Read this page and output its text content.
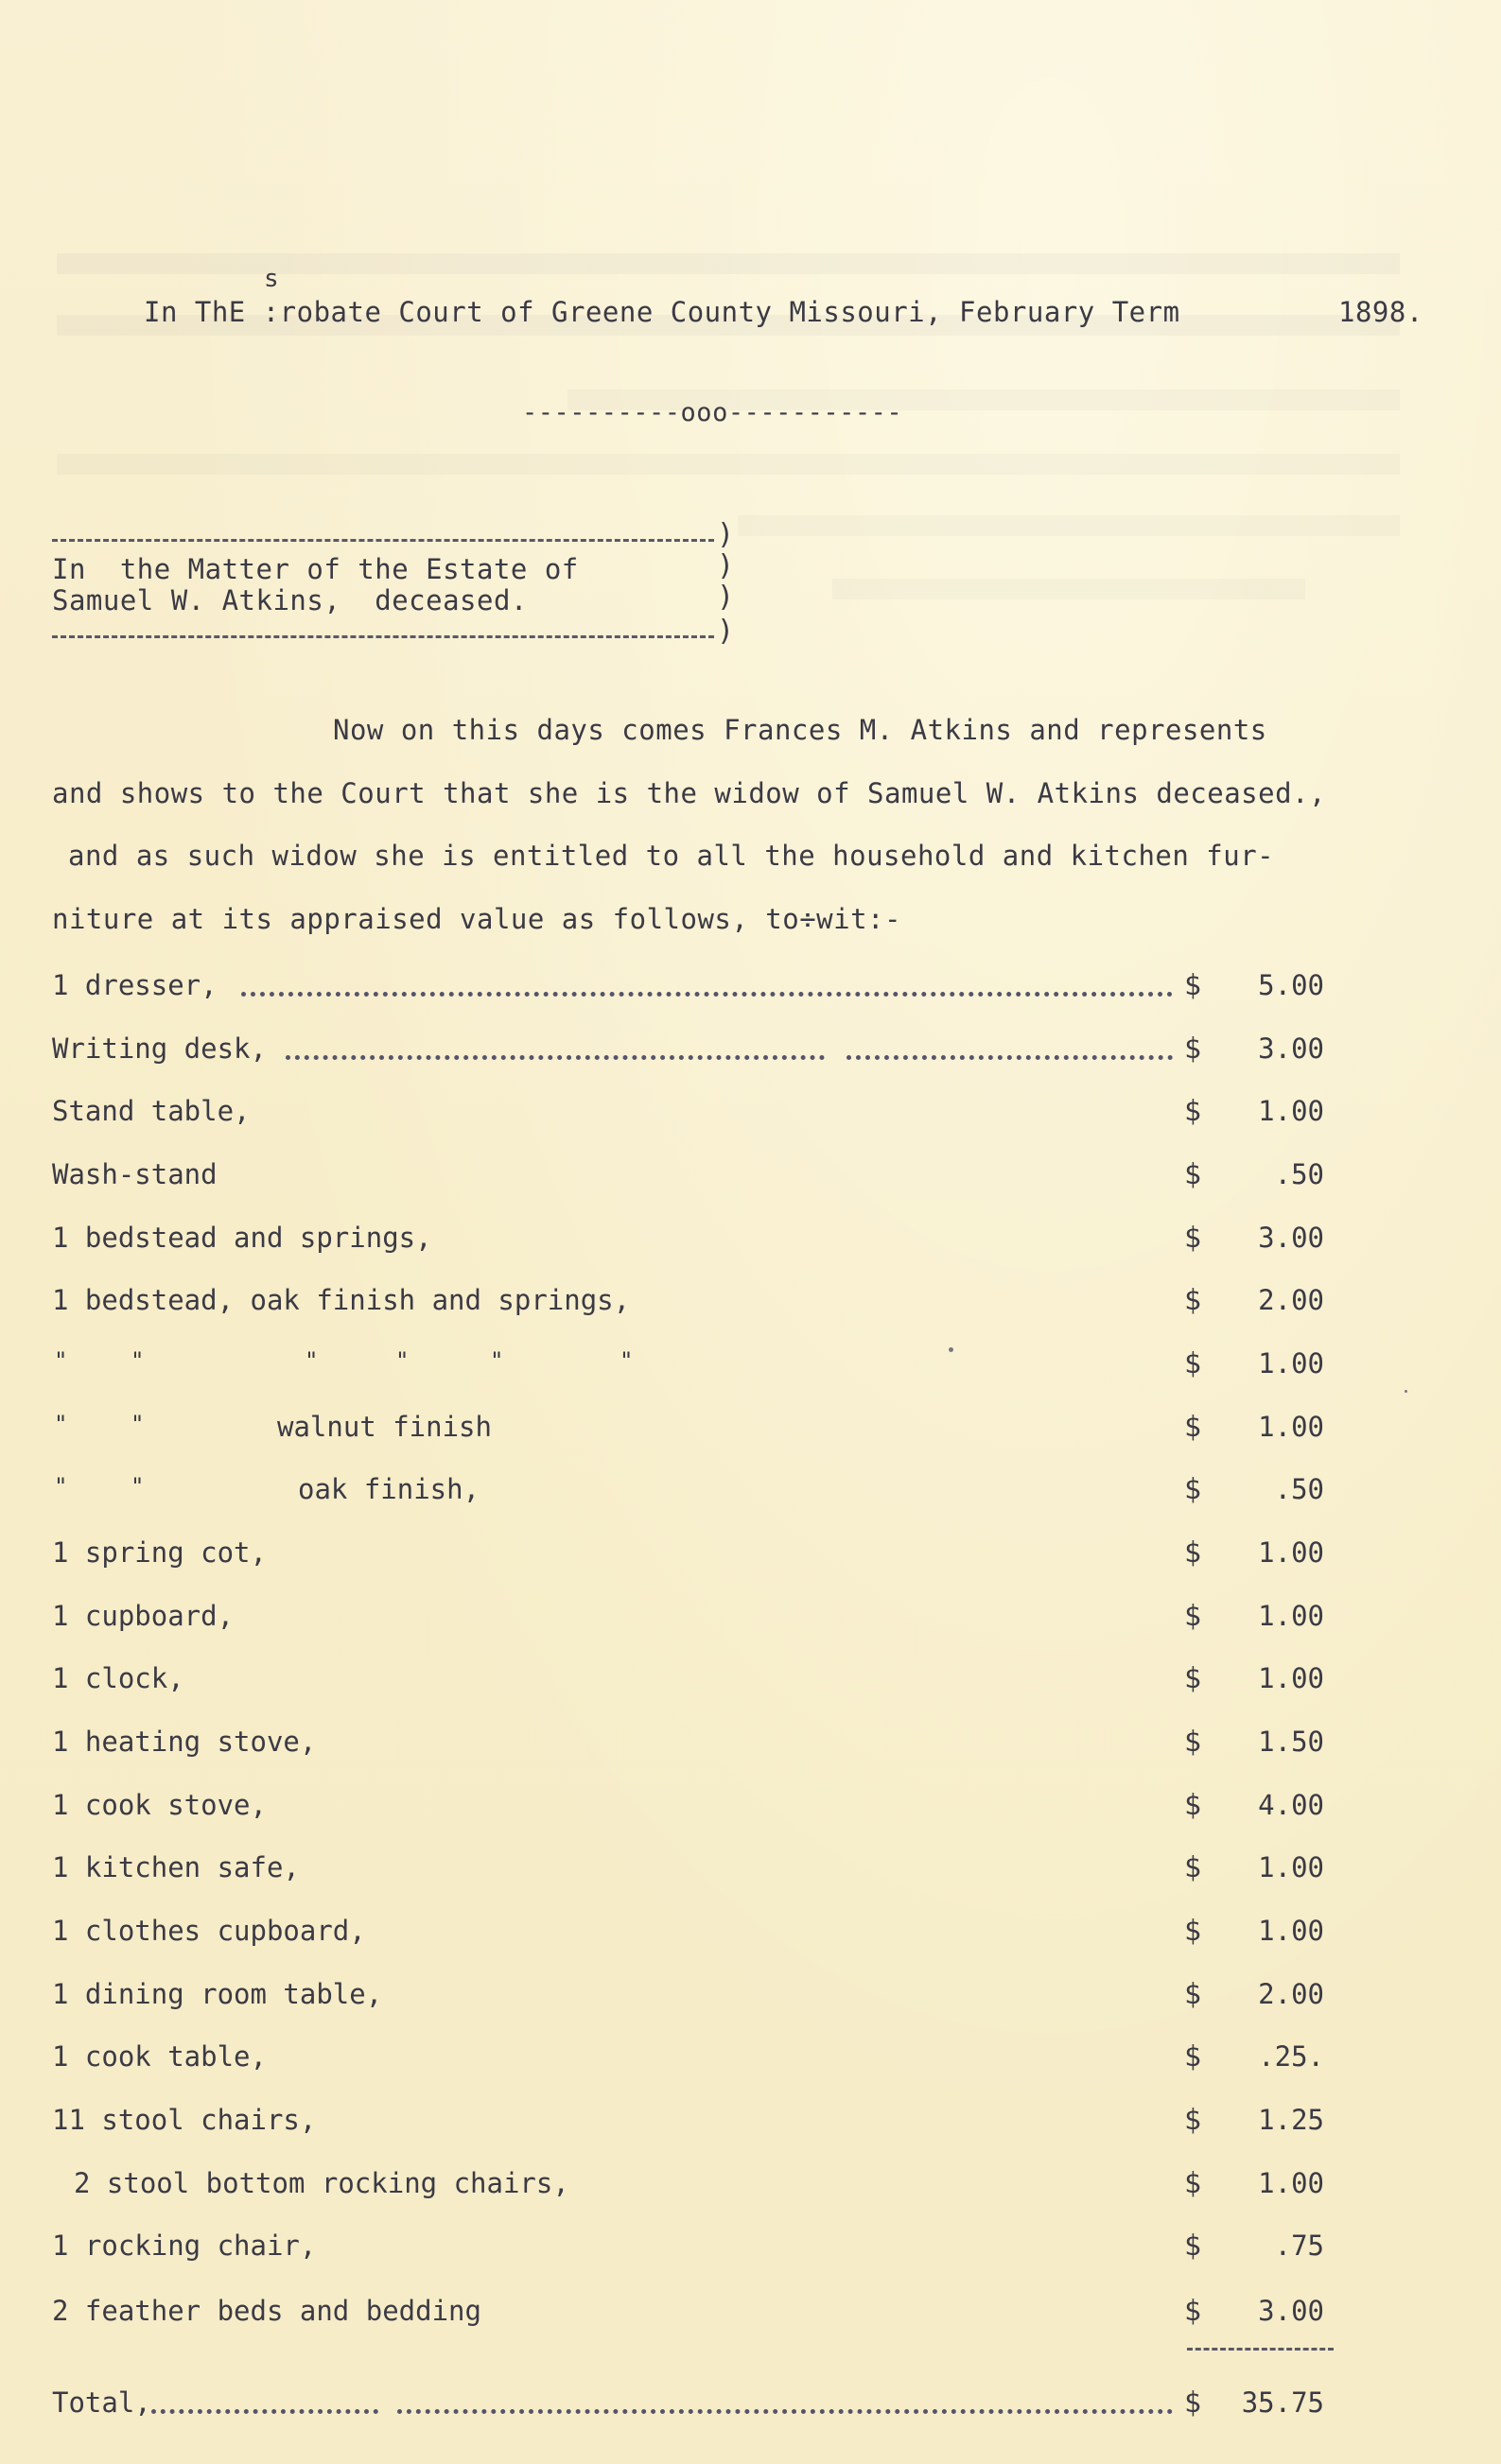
s
In ThE :robate Court of Greene County Missouri, February Term	1898.
----------ooo-----------
In  the Matter of the Estate of
Samuel W. Atkins,  deceased.
)
)
)
)
Now on this days comes Frances M. Atkins and represents
and shows to the Court that she is the widow of Samuel W. Atkins deceased.,
and as such widow she is entitled to all the household and kitchen fur-
niture at its appraised value as follows, to÷wit:-
1 dresser,	$	5.00
Writing desk,	$	3.00
Stand table,	$	1.00
Wash-stand	$	.50
1 bedstead and springs,	$	3.00
1 bedstead, oak finish and springs,	$	2.00
"	"	"	"	"	"	$	1.00
"	"	walnut finish	$	1.00
"	"	oak finish,	$	.50
1 spring cot,	$	1.00
1 cupboard,	$	1.00
1 clock,	$	1.00
1 heating stove,	$	1.50
1 cook stove,	$	4.00
1 kitchen safe,	$	1.00
1 clothes cupboard,	$	1.00
1 dining room table,	$	2.00
1 cook table,	$	.25.
11 stool chairs,	$	1.25
2 stool bottom rocking chairs,	$	1.00
1 rocking chair,	$	.75
2 feather beds and bedding	$	3.00
Total,	$ 35.75
